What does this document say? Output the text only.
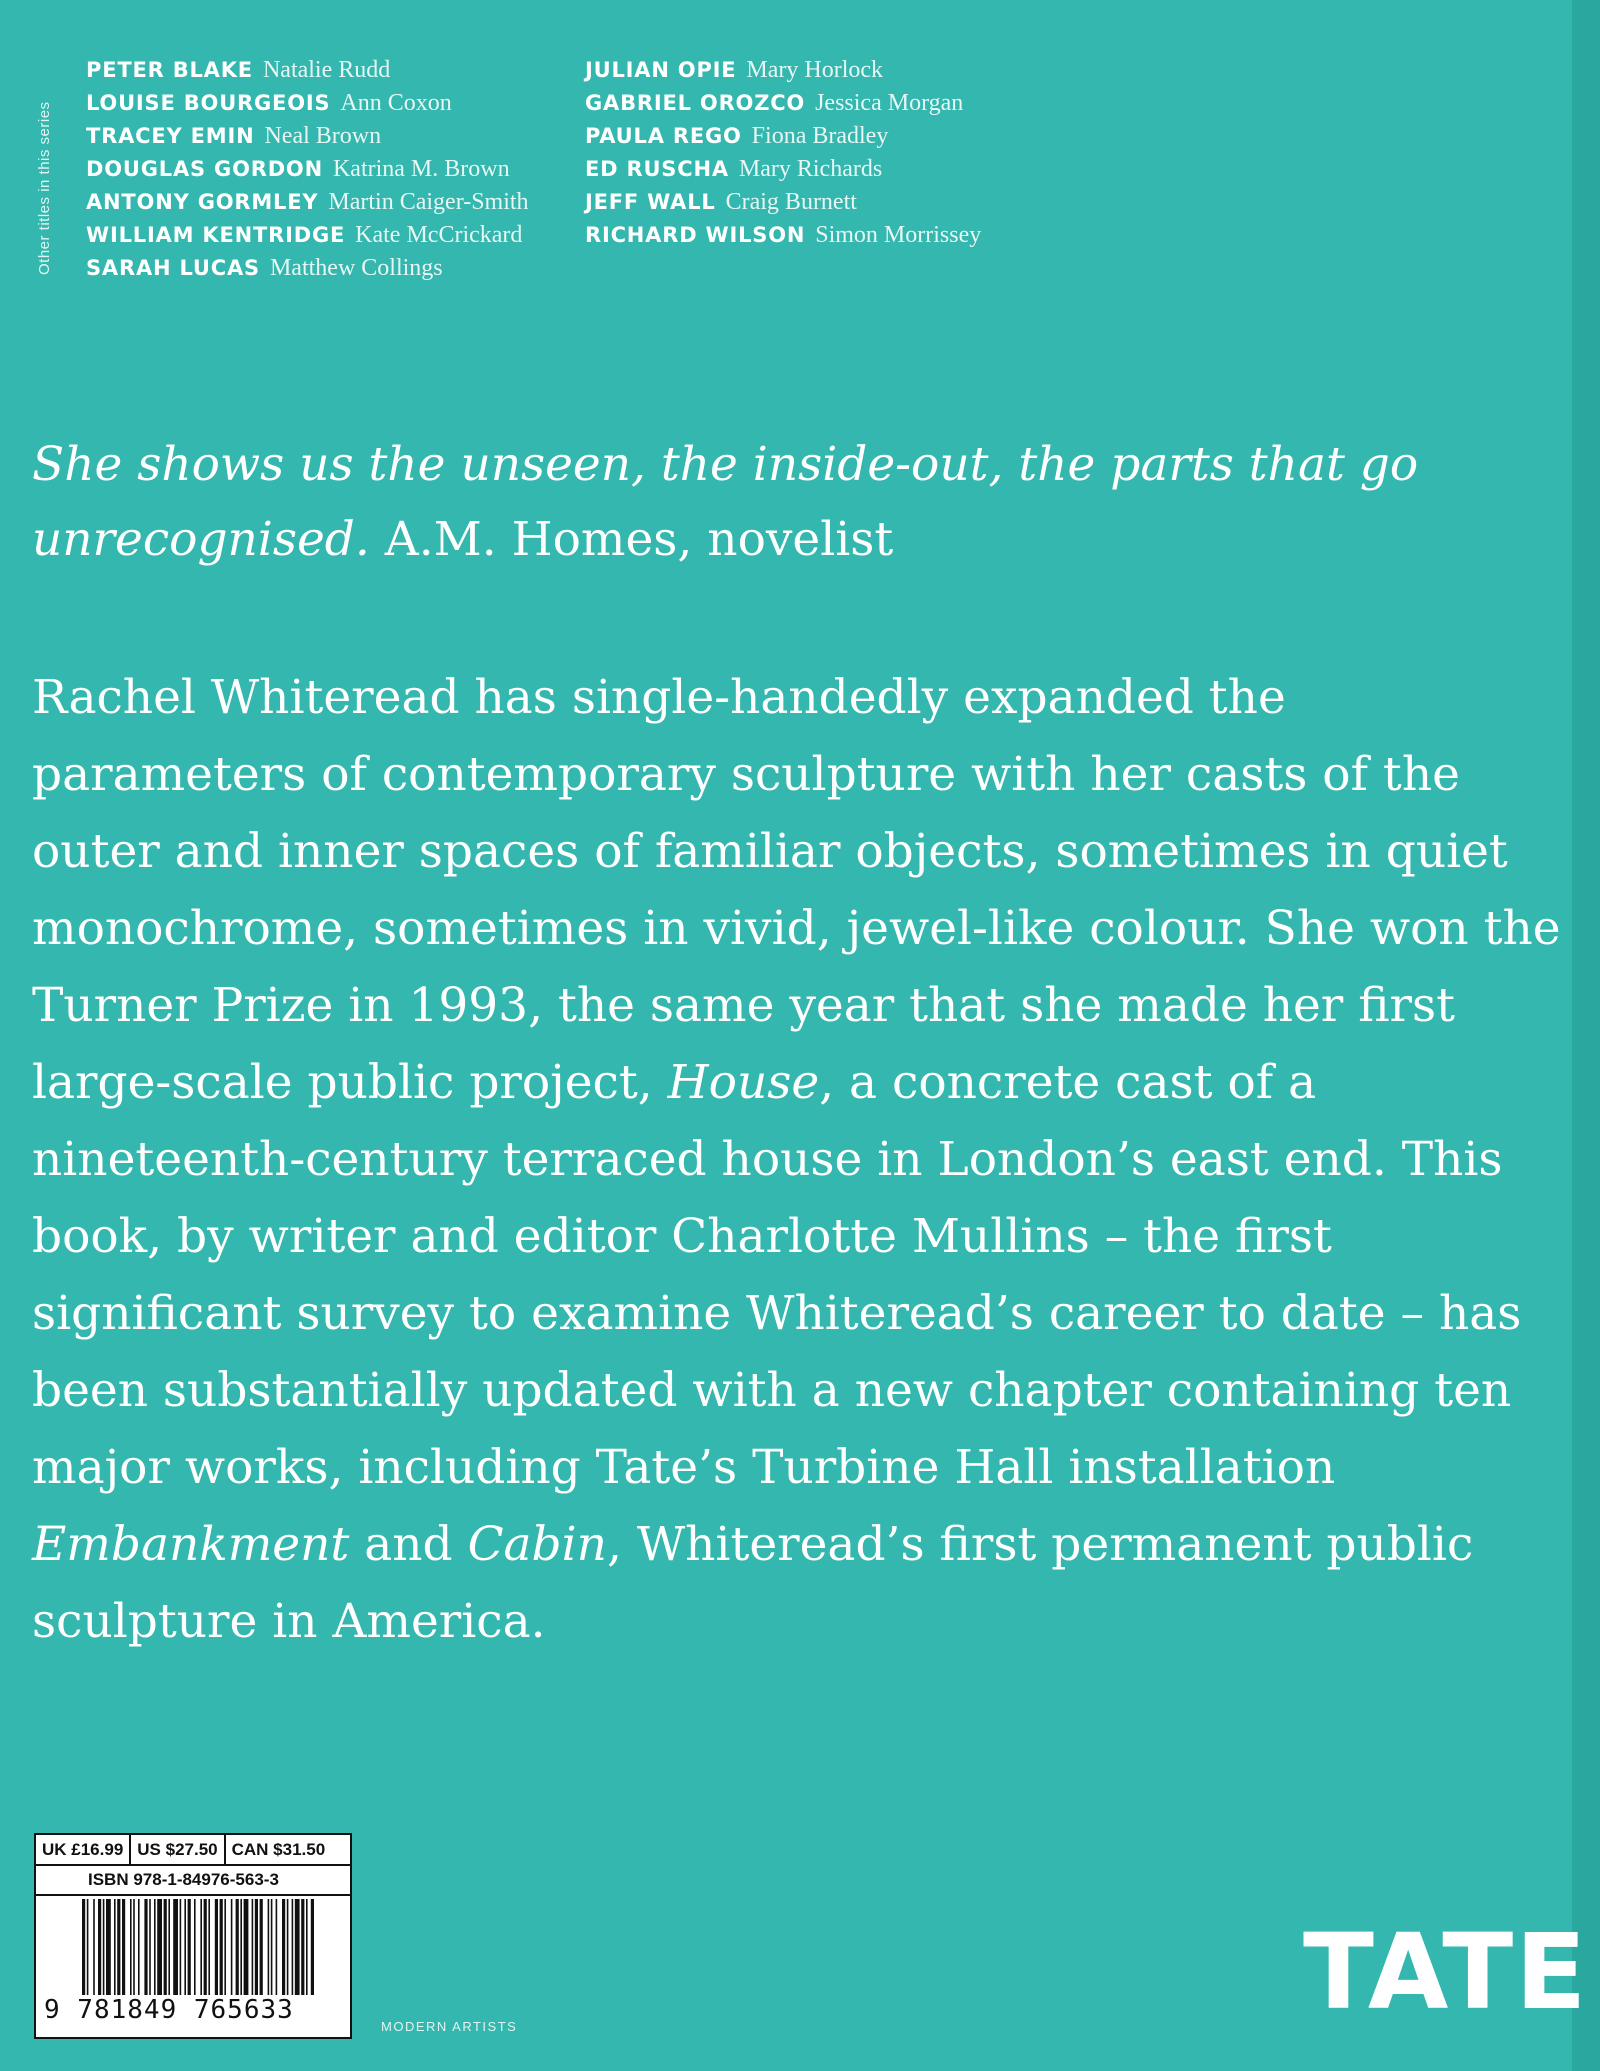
Other titles in this series
PETER BLAKE Natalie Rudd
LOUISE BOURGEOIS Ann Coxon
TRACEY EMIN Neal Brown
DOUGLAS GORDON Katrina M. Brown
ANTONY GORMLEY Martin Caiger-Smith
WILLIAM KENTRIDGE Kate McCrickard
SARAH LUCAS Matthew Collings
JULIAN OPIE Mary Horlock
GABRIEL OROZCO Jessica Morgan
PAULA REGO Fiona Bradley
ED RUSCHA Mary Richards
JEFF WALL Craig Burnett
RICHARD WILSON Simon Morrissey
She shows us the unseen, the inside-out, the parts that go unrecognised. A.M. Homes, novelist
Rachel Whiteread has single-handedly expanded the parameters of contemporary sculpture with her casts of the outer and inner spaces of familiar objects, sometimes in quiet monochrome, sometimes in vivid, jewel-like colour. She won the Turner Prize in 1993, the same year that she made her first large-scale public project, House, a concrete cast of a nineteenth-century terraced house in London’s east end. This book, by writer and editor Charlotte Mullins – the first significant survey to examine Whiteread’s career to date – has been substantially updated with a new chapter containing ten major works, including Tate’s Turbine Hall installation Embankment and Cabin, Whiteread’s first permanent public sculpture in America.
UK £16.99 US $27.50 CAN $31.50
ISBN 978-1-84976-563-3
9 781849 765633
MODERN ARTISTS	TATE
